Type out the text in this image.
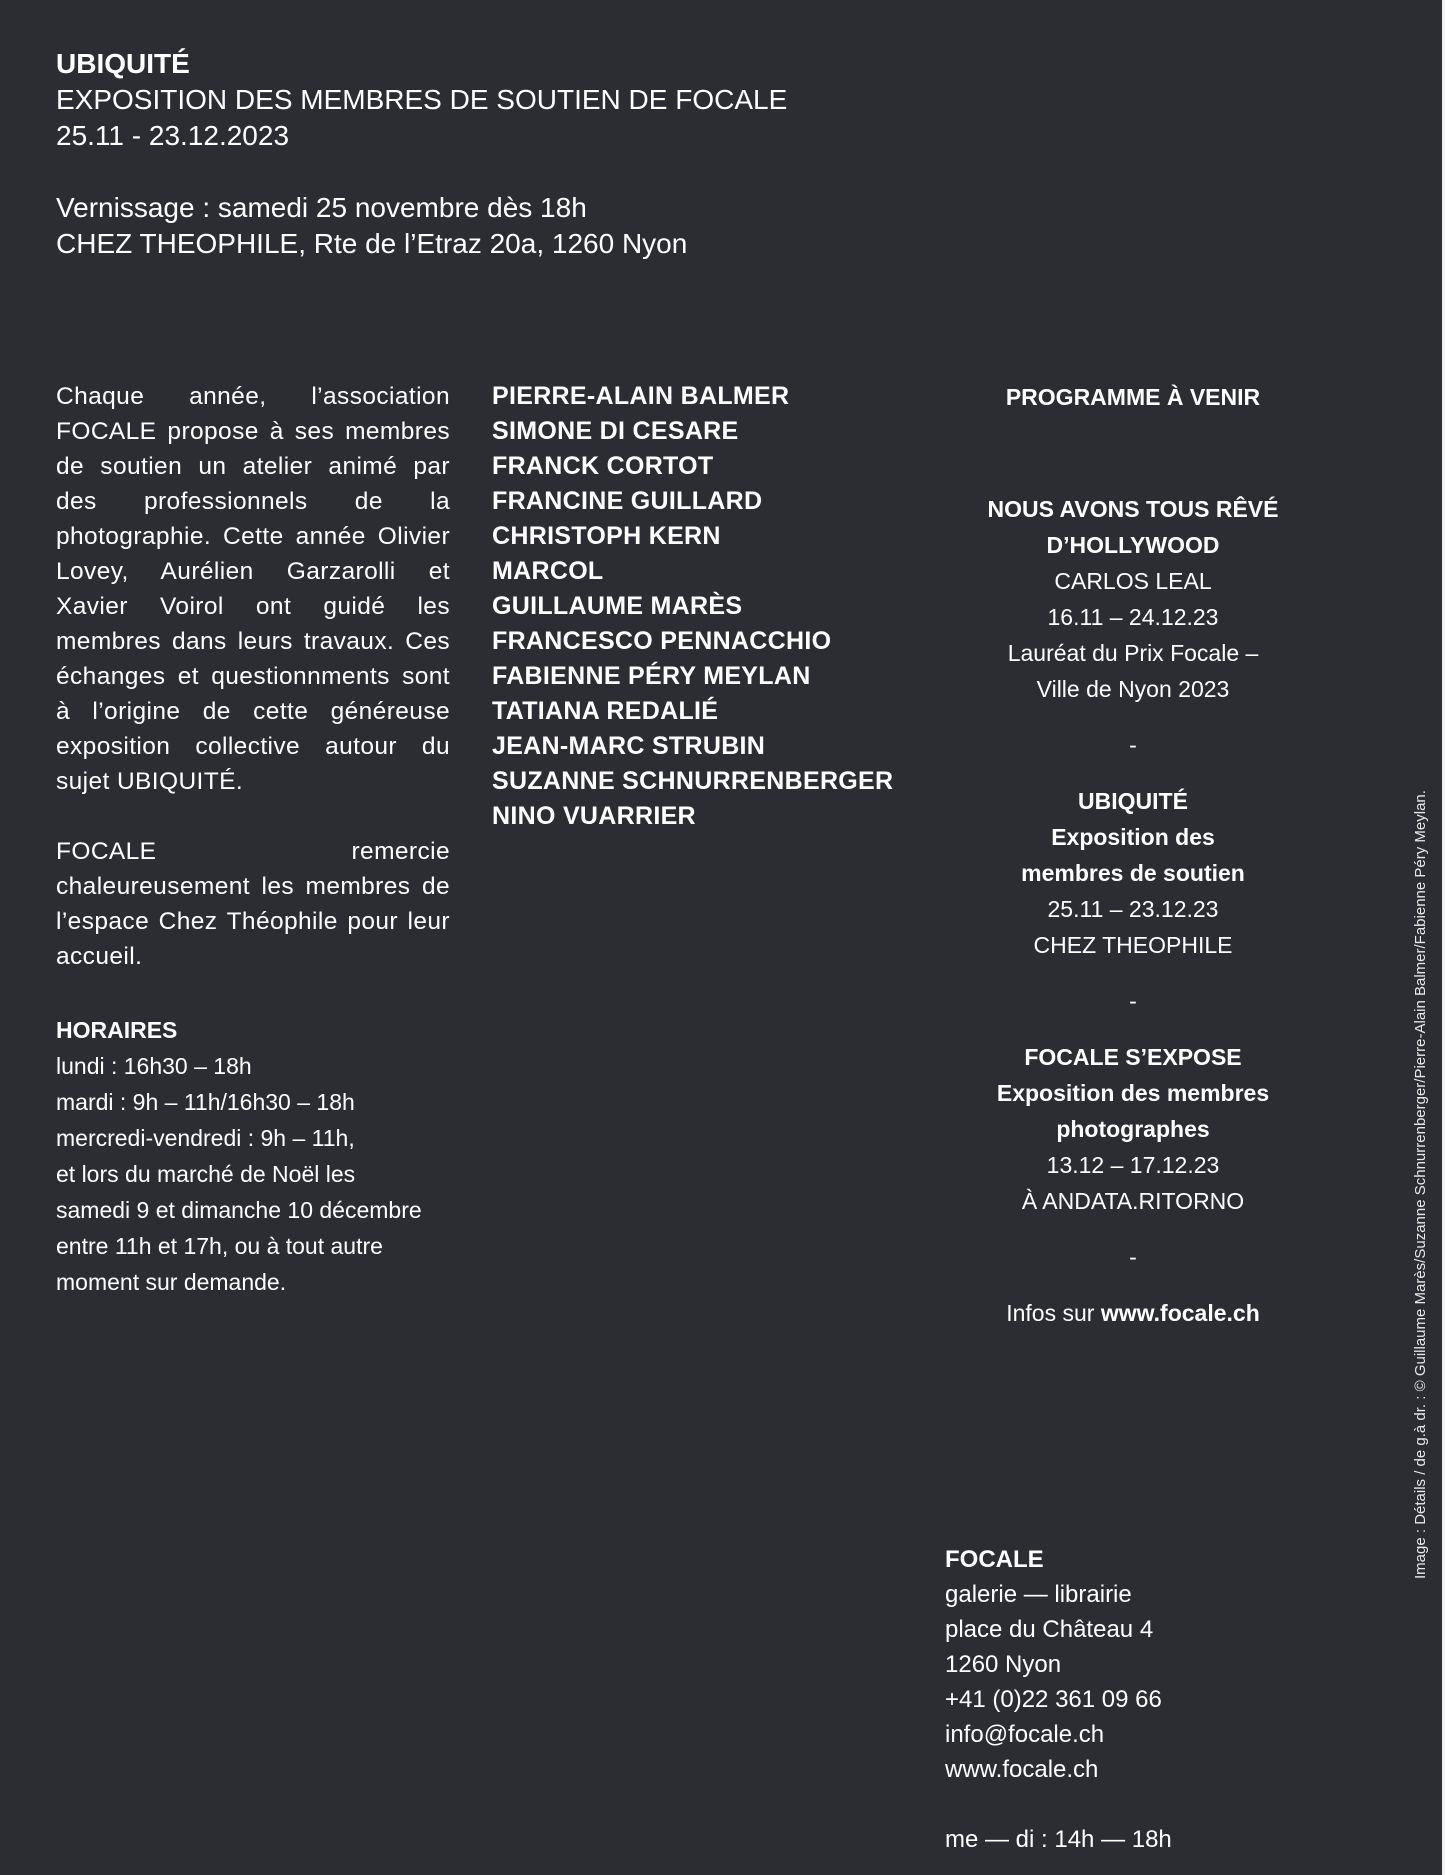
UBIQUITÉ
EXPOSITION DES MEMBRES DE SOUTIEN DE FOCALE
25.11 - 23.12.2023
Vernissage : samedi 25 novembre dès 18h
CHEZ THEOPHILE, Rte de l’Etraz 20a, 1260 Nyon

Chaque année, l’association FOCALE propose à ses membres de soutien un atelier animé par des professionnels de la photographie. Cette année Olivier Lovey, Aurélien Garzarolli et Xavier Voirol ont guidé les membres dans leurs travaux. Ces échanges et questionnments sont à l’origine de cette généreuse exposition collective autour du sujet UBIQUITÉ.

FOCALE remercie chaleureusement les membres de l’espace Chez Théophile pour leur accueil.

PIERRE-ALAIN BALMER
SIMONE DI CESARE
FRANCK CORTOT
FRANCINE GUILLARD
CHRISTOPH KERN
MARCOL
GUILLAUME MARÈS
FRANCESCO PENNACCHIO
FABIENNE PÉRY MEYLAN
TATIANA REDALIÉ
JEAN-MARC STRUBIN
SUZANNE SCHNURRENBERGER
NINO VUARRIER
HORAIRES
lundi : 16h30 – 18h
mardi : 9h – 11h/16h30 – 18h
mercredi-vendredi : 9h – 11h,
et lors du marché de Noël les
samedi 9 et dimanche 10 décembre
entre 11h et 17h, ou à tout autre
moment sur demande.
PROGRAMME À VENIR
NOUS AVONS TOUS RÊVÉ
D’HOLLYWOOD
CARLOS LEAL
16.11 – 24.12.23
Lauréat du Prix Focale –
Ville de Nyon 2023
-
UBIQUITÉ
Exposition des
membres de soutien
25.11 – 23.12.23
CHEZ THEOPHILE
-
FOCALE S’EXPOSE
Exposition des membres
photographes
13.12 – 17.12.23
À ANDATA.RITORNO
-
Infos sur www.focale.ch
FOCALE
galerie — librairie
place du Château 4
1260 Nyon
+41 (0)22 361 09 66
info@focale.ch
www.focale.ch
me — di : 14h — 18h
Image : Détails / de g.à dr. : © Guillaume Marès/Suzanne Schnurrenberger/Pierre-Alain Balmer/Fabienne Péry Meylan.
